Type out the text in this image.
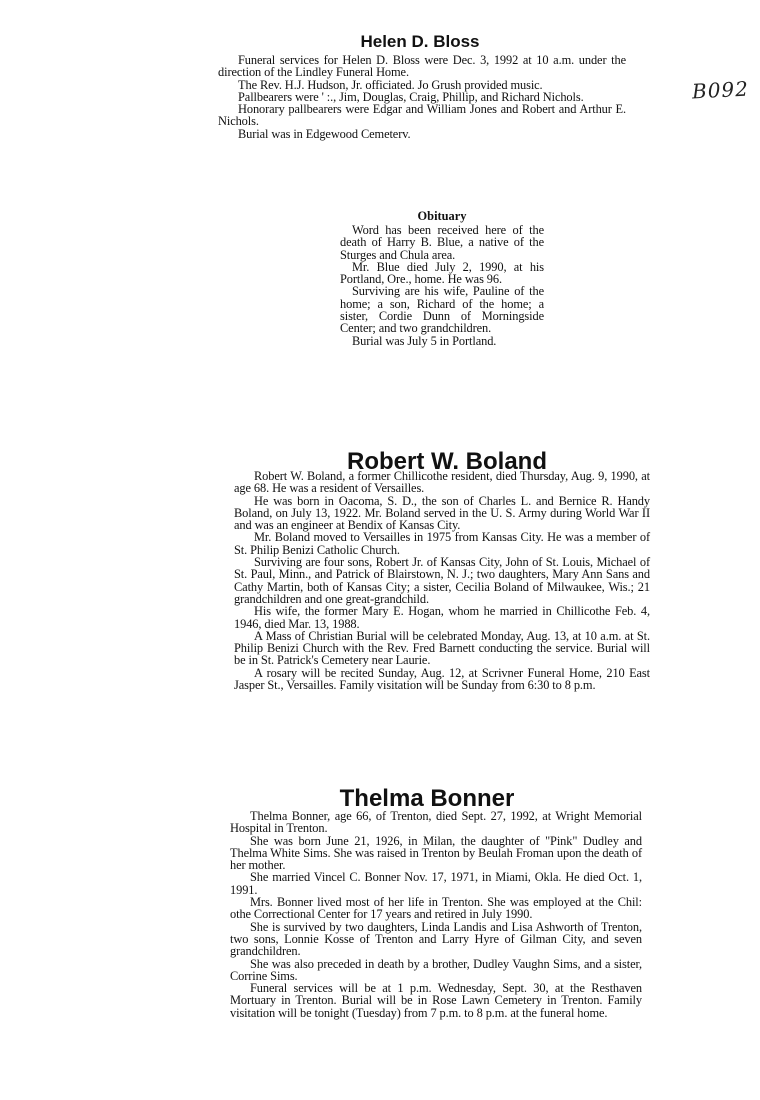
B092
Helen D. Bloss

Funeral services for Helen D. Bloss were Dec. 3, 1992 at 10 a.m. under the direction of the Lindley Funeral Home.

The Rev. H.J. Hudson, Jr. officiated. Jo Grush provided music.

Pallbearers were ' :., Jim, Douglas, Craig, Phillip, and Richard Nichols.

Honorary pallbearers were Edgar and William Jones and Robert and Arthur E. Nichols.

Burial was in Edgewood Cemeterv.

Obituary

Word has been received here of the death of Harry B. Blue, a native of the Sturges and Chula area.

Mr. Blue died July 2, 1990, at his Portland, Ore., home. He was 96.

Surviving are his wife, Pauline of the home; a son, Richard of the home; a sister, Cordie Dunn of Morningside Center; and two grandchildren.

Burial was July 5 in Portland.

Robert W. Boland

Robert W. Boland, a former Chillicothe resident, died Thursday, Aug. 9, 1990, at age 68. He was a resident of Versailles.

He was born in Oacoma, S. D., the son of Charles L. and Bernice R. Handy Boland, on July 13, 1922. Mr. Boland served in the U. S. Army during World War II and was an engineer at Bendix of Kansas City.

Mr. Boland moved to Versailles in 1975 from Kansas City. He was a member of St. Philip Benizi Catholic Church.

Surviving are four sons, Robert Jr. of Kansas City, John of St. Louis, Michael of St. Paul, Minn., and Patrick of Blairstown, N. J.; two daughters, Mary Ann Sans and Cathy Martin, both of Kansas City; a sister, Cecilia Boland of Milwaukee, Wis.; 21 grandchildren and one great-grandchild.

His wife, the former Mary E. Hogan, whom he married in Chillicothe Feb. 4, 1946, died Mar. 13, 1988.

A Mass of Christian Burial will be celebrated Monday, Aug. 13, at 10 a.m. at St. Philip Benizi Church with the Rev. Fred Barnett conducting the service. Burial will be in St. Patrick's Cemetery near Laurie.

A rosary will be recited Sunday, Aug. 12, at Scrivner Funeral Home, 210 East Jasper St., Versailles. Family visitation will be Sunday from 6:30 to 8 p.m.

Thelma Bonner

Thelma Bonner, age 66, of Trenton, died Sept. 27, 1992, at Wright Memorial Hospital in Trenton.

She was born June 21, 1926, in Milan, the daughter of "Pink" Dudley and Thelma White Sims. She was raised in Trenton by Beulah Froman upon the death of her mother.

She married Vincel C. Bonner Nov. 17, 1971, in Miami, Okla. He died Oct. 1, 1991.

Mrs. Bonner lived most of her life in Trenton. She was employed at the Chil: othe Correctional Center for 17 years and retired in July 1990.

She is survived by two daughters, Linda Landis and Lisa Ashworth of Trenton, two sons, Lonnie Kosse of Trenton and Larry Hyre of Gilman City, and seven grandchildren.

She was also preceded in death by a brother, Dudley Vaughn Sims, and a sister, Corrine Sims.

Funeral services will be at 1 p.m. Wednesday, Sept. 30, at the Resthaven Mortuary in Trenton. Burial will be in Rose Lawn Cemetery in Trenton. Family visitation will be tonight (Tuesday) from 7 p.m. to 8 p.m. at the funeral home.
